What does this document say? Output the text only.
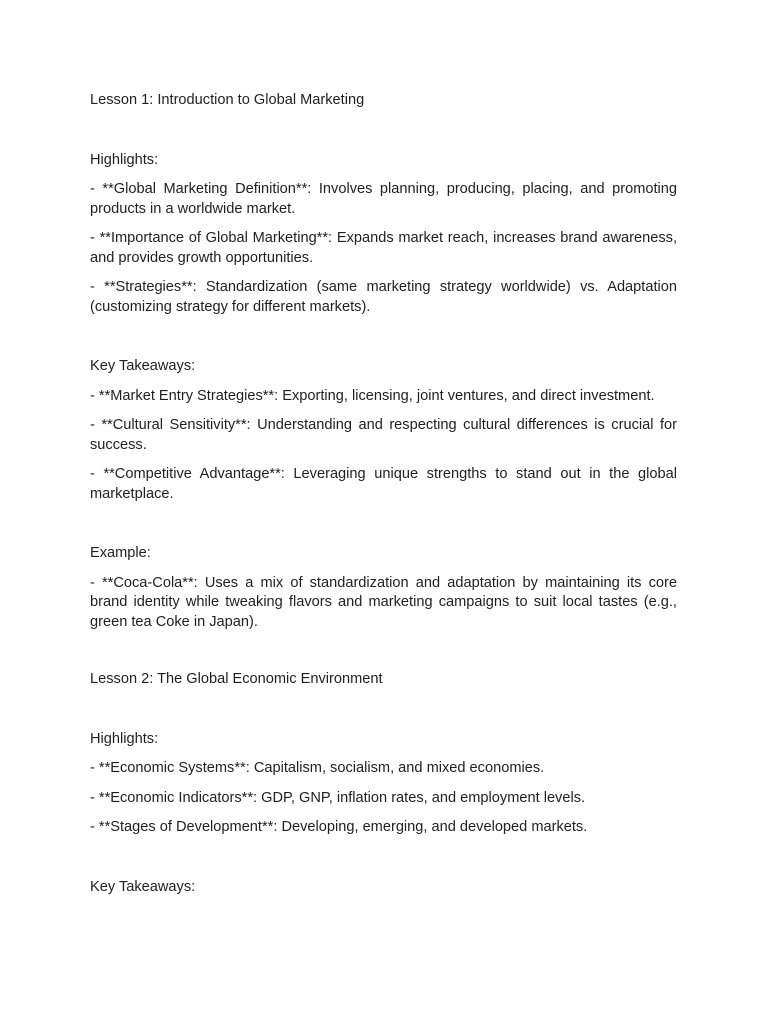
Lesson 1: Introduction to Global Marketing

Highlights:

- **Global Marketing Definition**: Involves planning, producing, placing, and promoting products in a worldwide market.

- **Importance of Global Marketing**: Expands market reach, increases brand awareness, and provides growth opportunities.

- **Strategies**: Standardization (same marketing strategy worldwide) vs. Adaptation (customizing strategy for different markets).

Key Takeaways:

- **Market Entry Strategies**: Exporting, licensing, joint ventures, and direct investment.

- **Cultural Sensitivity**: Understanding and respecting cultural differences is crucial for success.

- **Competitive Advantage**: Leveraging unique strengths to stand out in the global marketplace.

Example:

- **Coca-Cola**: Uses a mix of standardization and adaptation by maintaining its core brand identity while tweaking flavors and marketing campaigns to suit local tastes (e.g., green tea Coke in Japan).

Lesson 2: The Global Economic Environment

Highlights:

- **Economic Systems**: Capitalism, socialism, and mixed economies.

- **Economic Indicators**: GDP, GNP, inflation rates, and employment levels.

- **Stages of Development**: Developing, emerging, and developed markets.

Key Takeaways:
